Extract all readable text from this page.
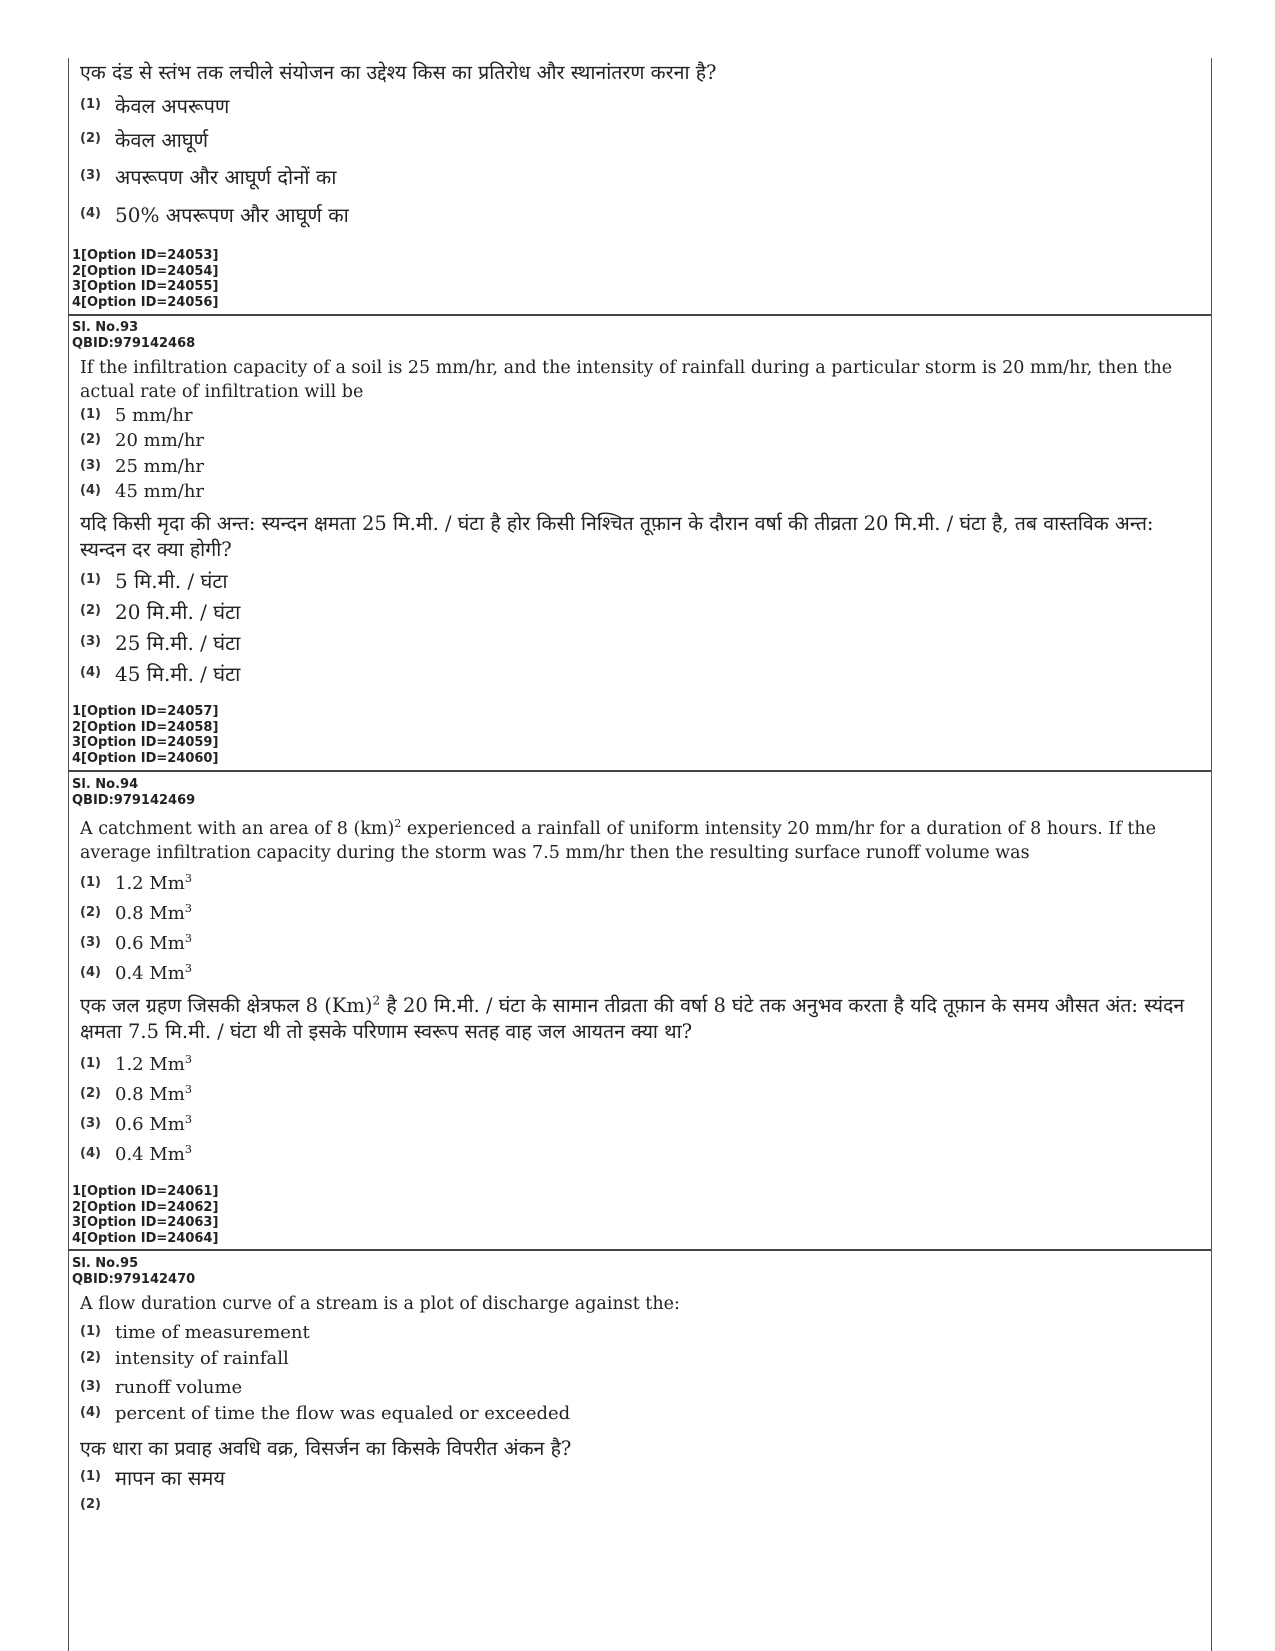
एक दंड से स्तंभ तक लचीले संयोजन का उद्देश्य किस का प्रतिरोध और स्थानांतरण करना है?
(1) केवल अपरूपण
(2) केवल आघूर्ण
(3) अपरूपण और आघूर्ण दोनों का
(4) 50% अपरूपण और आघूर्ण का
1[Option ID=24053]
2[Option ID=24054]
3[Option ID=24055]
4[Option ID=24056]
Sl. No.93
QBID:979142468
If the infiltration capacity of a soil is 25 mm/hr, and the intensity of rainfall during a particular storm is 20 mm/hr, then the actual rate of infiltration will be
(1) 5 mm/hr
(2) 20 mm/hr
(3) 25 mm/hr
(4) 45 mm/hr
यदि किसी मृदा की अन्त: स्यन्दन क्षमता 25 मि.मी. / घंटा है होर किसी निश्चित तूफ़ान के दौरान वर्षा की तीव्रता 20 मि.मी. / घंटा है, तब वास्तविक अन्त: स्यन्दन दर क्या होगी?
(1) 5 मि.मी. / घंटा
(2) 20 मि.मी. / घंटा
(3) 25 मि.मी. / घंटा
(4) 45 मि.मी. / घंटा
1[Option ID=24057]
2[Option ID=24058]
3[Option ID=24059]
4[Option ID=24060]
Sl. No.94
QBID:979142469
A catchment with an area of 8 (km)$^2$ experienced a rainfall of uniform intensity 20 mm/hr for a duration of 8 hours. If the average infiltration capacity during the storm was 7.5 mm/hr then the resulting surface runoff volume was
(1) 1.2 Mm$^3$
(2) 0.8 Mm$^3$
(3) 0.6 Mm$^3$
(4) 0.4 Mm$^3$
एक जल ग्रहण जिसकी क्षेत्रफल 8 $(Km)^2$ है 20 मि.मी. / घंटा के सामान तीव्रता की वर्षा 8 घंटे तक अनुभव करता है यदि तूफ़ान के समय औसत अंत: स्यंदन क्षमता 7.5 मि.मी. / घंटा थी तो इसके परिणाम स्वरूप सतह वाह जल आयतन क्या था?
(1) 1.2 Mm$^3$
(2) 0.8 Mm$^3$
(3) 0.6 Mm$^3$
(4) 0.4 Mm$^3$
1[Option ID=24061]
2[Option ID=24062]
3[Option ID=24063]
4[Option ID=24064]
Sl. No.95
QBID:979142470
A flow duration curve of a stream is a plot of discharge against the:
(1) time of measurement
(2) intensity of rainfall
(3) runoff volume
(4) percent of time the flow was equaled or exceeded
एक धारा का प्रवाह अवधि वक्र, विसर्जन का किसके विपरीत अंकन है?
(1) मापन का समय
(2)
